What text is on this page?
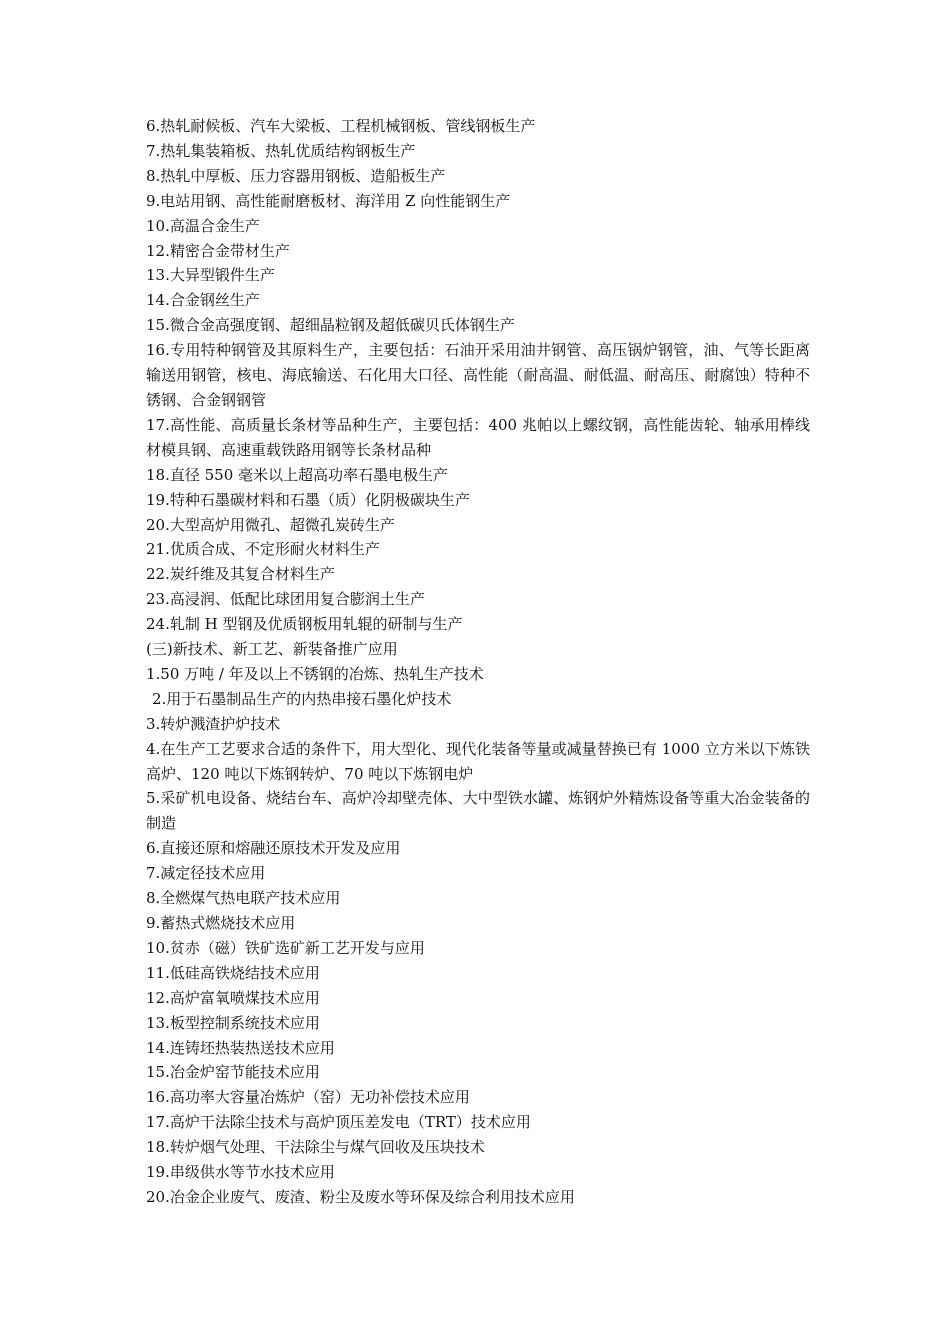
6.热轧耐候板、汽车大梁板、工程机械钢板、管线钢板生产
7.热轧集装箱板、热轧优质结构钢板生产
8.热轧中厚板、压力容器用钢板、造船板生产
9.电站用钢、高性能耐磨板材、海洋用 Z 向性能钢生产
10.高温合金生产
12.精密合金带材生产
13.大异型锻件生产
14.合金钢丝生产
15.微合金高强度钢、超细晶粒钢及超低碳贝氏体钢生产
16.专用特种钢管及其原料生产，主要包括：石油开采用油井钢管、高压锅炉钢管，油、气等长距离输送用钢管，核电、海底输送、石化用大口径、高性能（耐高温、耐低温、耐高压、耐腐蚀）特种不锈钢、合金钢钢管
17.高性能、高质量长条材等品种生产，主要包括：400 兆帕以上螺纹钢，高性能齿轮、轴承用棒线材模具钢、高速重载铁路用钢等长条材品种
18.直径 550 毫米以上超高功率石墨电极生产
19.特种石墨碳材料和石墨（质）化阴极碳块生产
20.大型高炉用微孔、超微孔炭砖生产
21.优质合成、不定形耐火材料生产
22.炭纤维及其复合材料生产
23.高浸润、低配比球团用复合膨润土生产
24.轧制 H 型钢及优质钢板用轧辊的研制与生产
(三)新技术、新工艺、新装备推广应用
1.50 万吨 / 年及以上不锈钢的冶炼、热轧生产技术
2.用于石墨制品生产的内热串接石墨化炉技术
3.转炉溅渣护炉技术
4.在生产工艺要求合适的条件下，用大型化、现代化装备等量或减量替换已有 1000 立方米以下炼铁高炉、120 吨以下炼钢转炉、70 吨以下炼钢电炉
5.采矿机电设备、烧结台车、高炉冷却壁壳体、大中型铁水罐、炼钢炉外精炼设备等重大冶金装备的制造
6.直接还原和熔融还原技术开发及应用
7.减定径技术应用
8.全燃煤气热电联产技术应用
9.蓄热式燃烧技术应用
10.贫赤（磁）铁矿选矿新工艺开发与应用
11.低硅高铁烧结技术应用
12.高炉富氧喷煤技术应用
13.板型控制系统技术应用
14.连铸坯热装热送技术应用
15.冶金炉窑节能技术应用
16.高功率大容量冶炼炉（窑）无功补偿技术应用
17.高炉干法除尘技术与高炉顶压差发电（TRT）技术应用
18.转炉烟气处理、干法除尘与煤气回收及压块技术
19.串级供水等节水技术应用
20.冶金企业废气、废渣、粉尘及废水等环保及综合利用技术应用
